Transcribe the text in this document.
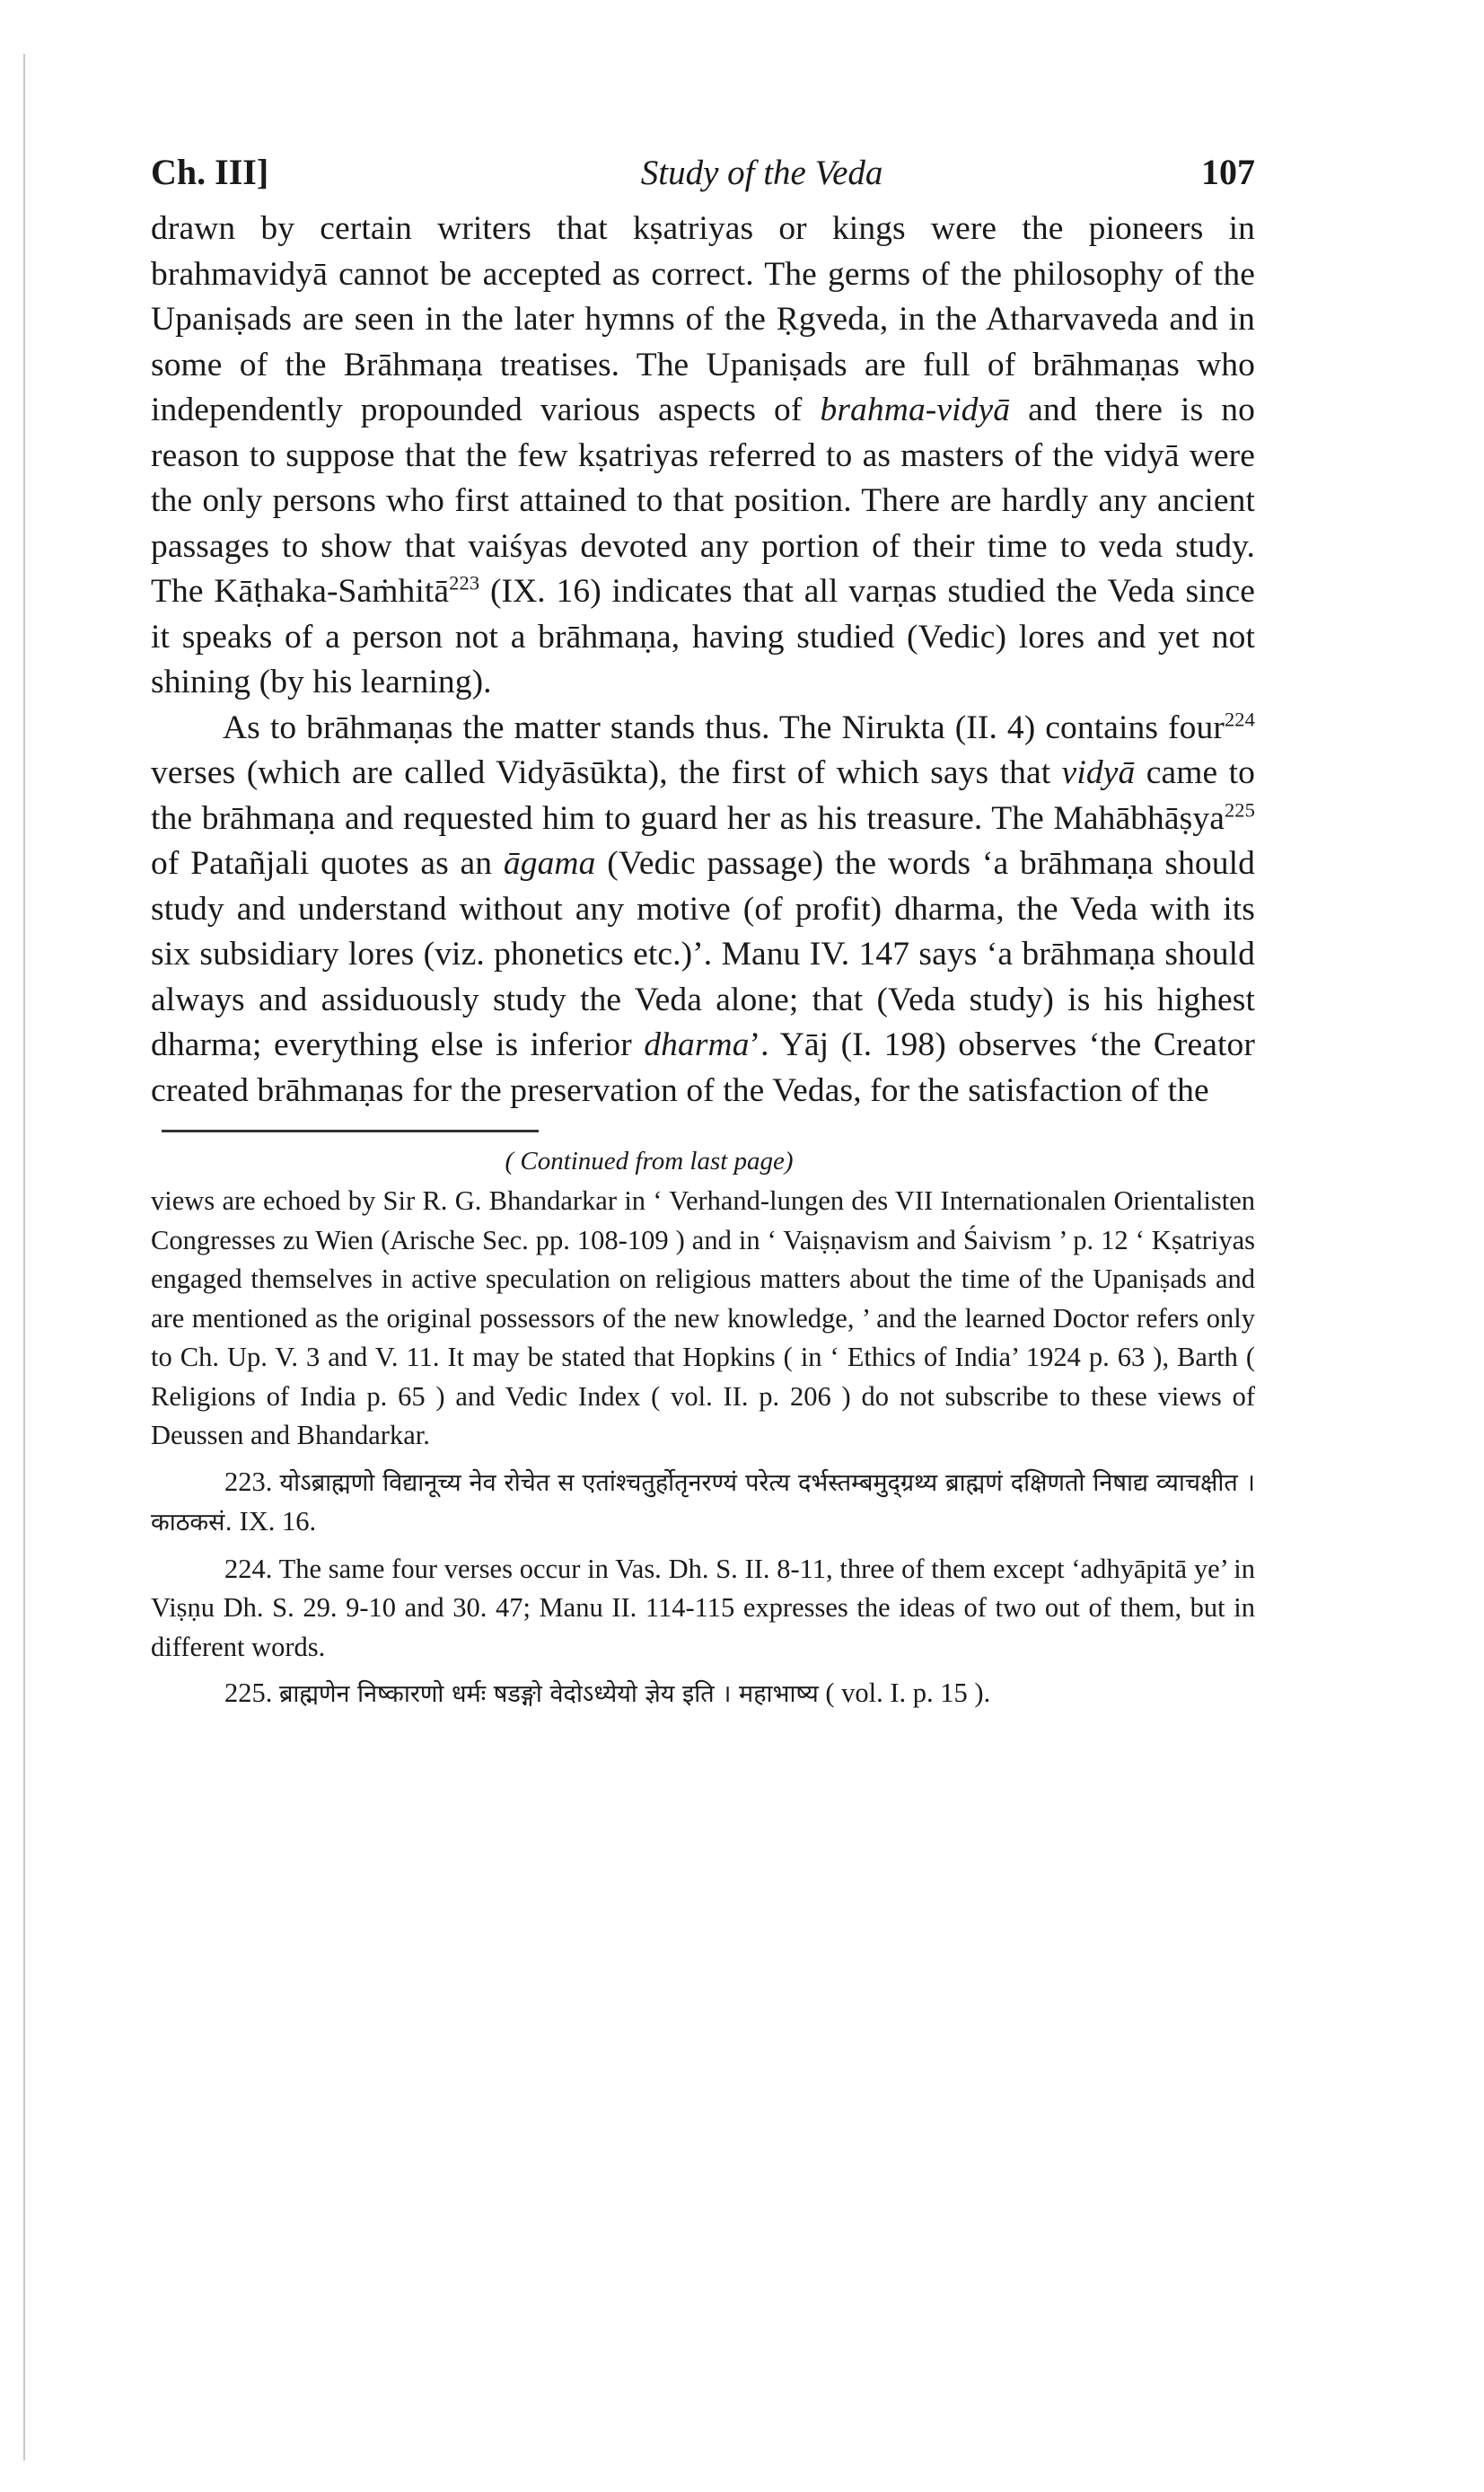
Ch. III]	Study of the Veda	107

drawn by certain writers that kṣatriyas or kings were the pioneers in brahmavidyā cannot be accepted as correct. The germs of the philosophy of the Upaniṣads are seen in the later hymns of the Ṛgveda, in the Atharvaveda and in some of the Brāhmaṇa treatises. The Upaniṣads are full of brāhmaṇas who independently propounded various aspects of brahma-vidyā and there is no reason to suppose that the few kṣatriyas referred to as masters of the vidyā were the only persons who first attained to that position. There are hardly any ancient passages to show that vaiśyas devoted any portion of their time to veda study. The Kāṭhaka-Saṁhitā$^{223}$ (IX. 16) indicates that all varṇas studied the Veda since it speaks of a person not a brāhmaṇa, having studied (Vedic) lores and yet not shining (by his learning).

As to brāhmaṇas the matter stands thus. The Nirukta (II. 4) contains four$^{224}$ verses (which are called Vidyāsūkta), the first of which says that vidyā came to the brāhmaṇa and requested him to guard her as his treasure. The Mahābhāṣya$^{225}$ of Patañjali quotes as an āgama (Vedic passage) the words ‘a brāhmaṇa should study and understand without any motive (of profit) dharma, the Veda with its six subsidiary lores (viz. phonetics etc.)’. Manu IV. 147 says ‘a brāhmaṇa should always and assiduously study the Veda alone; that (Veda study) is his highest dharma; everything else is inferior dharma’. Yāj (I. 198) observes ‘the Creator created brāhmaṇas for the preservation of the Vedas, for the satisfaction of the

( Continued from last page)

views are echoed by Sir R. G. Bhandarkar in ‘ Verhand-lungen des VII Internationalen Orientalisten Congresses zu Wien (Arische Sec. pp. 108-109 ) and in ‘ Vaiṣṇavism and Śaivism ’ p. 12 ‘ Kṣatriyas engaged themselves in active speculation on religious matters about the time of the Upaniṣads and are mentioned as the original possessors of the new knowledge, ’ and the learned Doctor refers only to Ch. Up. V. 3 and V. 11. It may be stated that Hopkins ( in ‘ Ethics of India’ 1924 p. 63 ), Barth ( Religions of India p. 65 ) and Vedic Index ( vol. II. p. 206 ) do not subscribe to these views of Deussen and Bhandarkar.

223. योऽब्राह्मणो विद्यानूच्य नेव रोचेत स एतांश्चतुर्होतृनरण्यं परेत्य दर्भस्तम्बमुद्ग्रथ्य ब्राह्मणं दक्षिणतो निषाद्य व्याचक्षीत । काठकसं. IX. 16.

224. The same four verses occur in Vas. Dh. S. II. 8-11, three of them except ‘adhyāpitā ye’ in Viṣṇu Dh. S. 29. 9-10 and 30. 47; Manu II. 114-115 expresses the ideas of two out of them, but in different words.

225. ब्राह्मणेन निष्कारणो धर्मः षडङ्गो वेदोऽध्येयो ज्ञेय इति । महाभाष्य ( vol. I. p. 15 ).
